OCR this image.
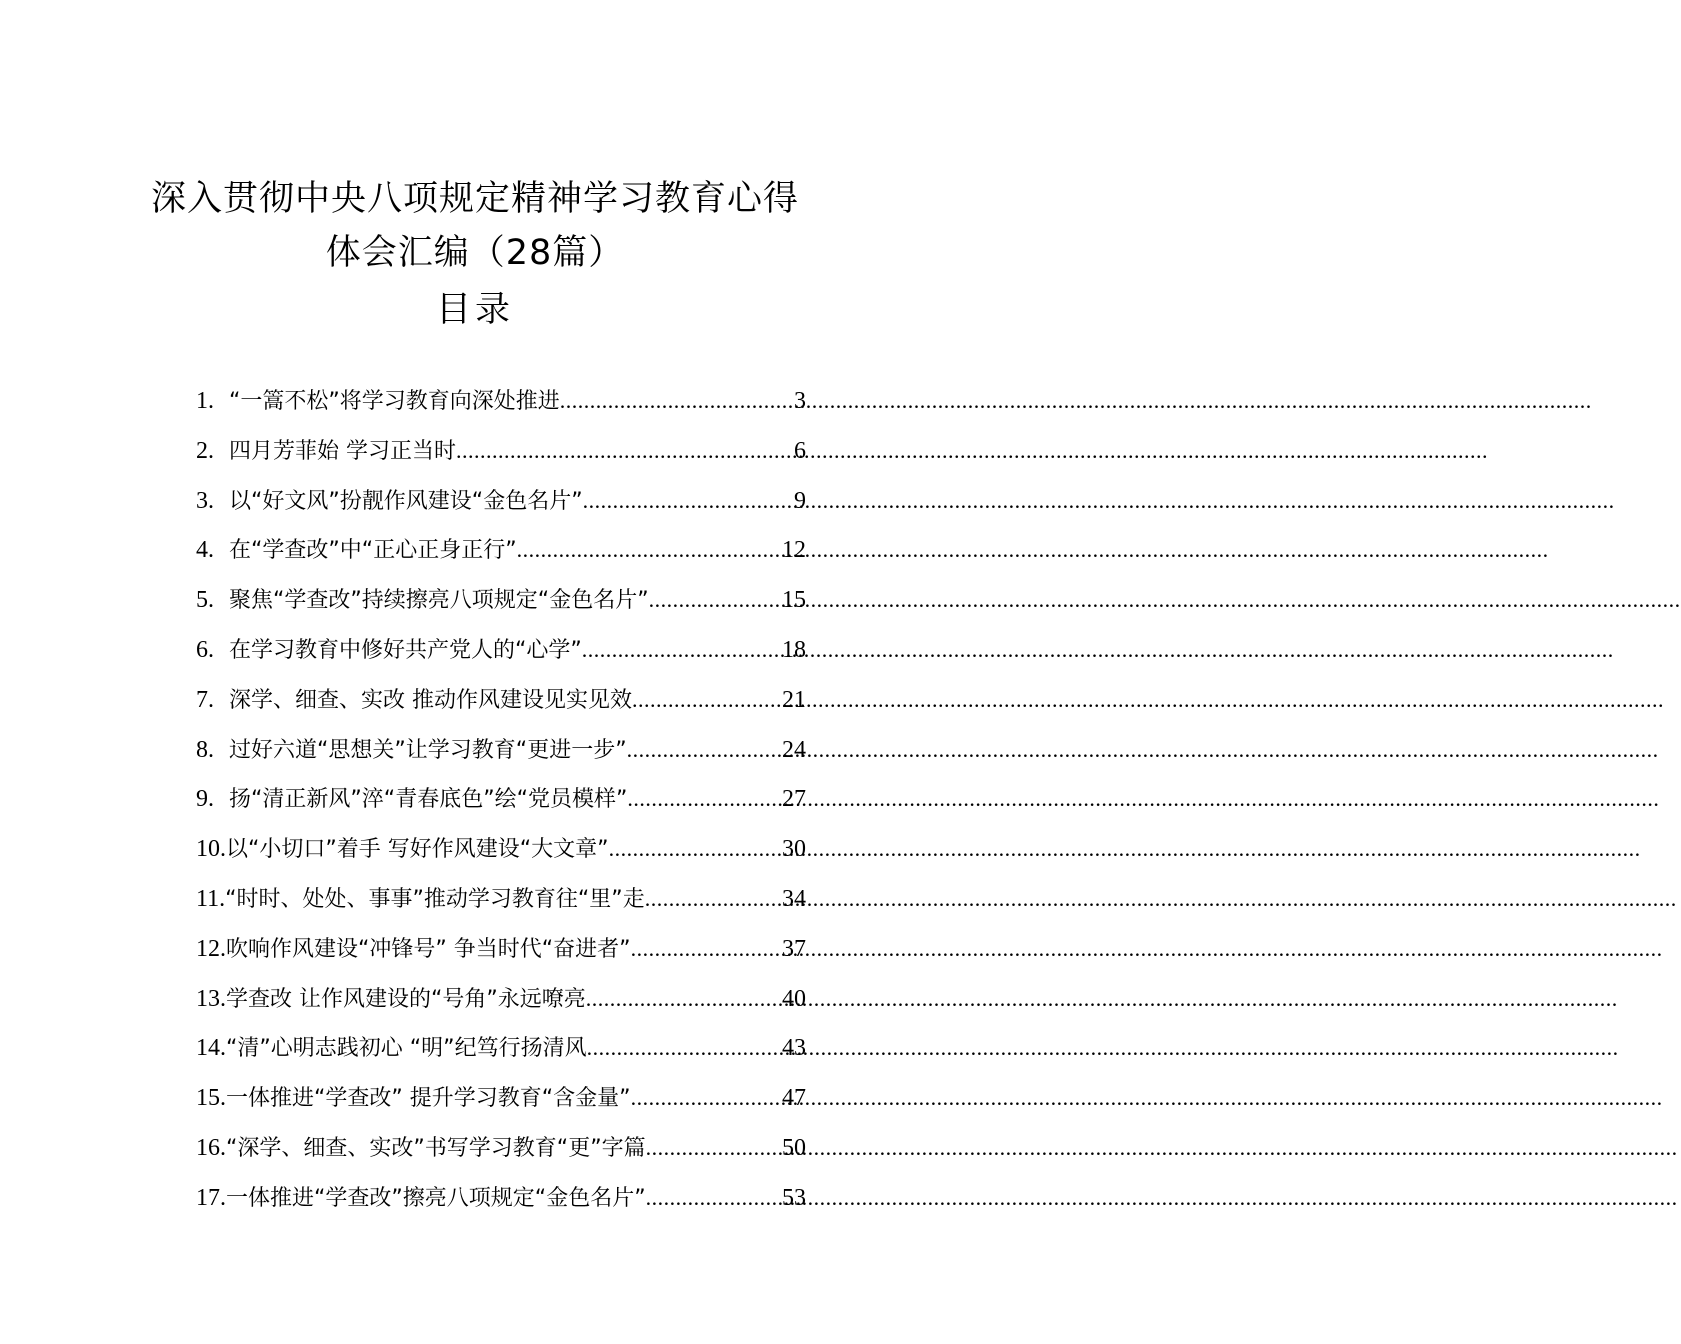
深入贯彻中央八项规定精神学习教育心得
体会汇编（28篇）
目录
1. “一篙不松”将学习教育向深处推进 .....	3
2. 四月芳菲始 学习正当时 .....	6
3. 以“好文风”扮靓作风建设“金色名片” .....	9
4. 在“学查改”中“正心正身正行” .....	12
5. 聚焦“学查改”持续擦亮八项规定“金色名片” .....	15
6. 在学习教育中修好共产党人的“心学” .....	18
7. 深学、细查、实改 推动作风建设见实见效 .....	21
8. 过好六道“思想关”让学习教育“更进一步” .....	24
9. 扬“清正新风”淬“青春底色”绘“党员模样” .....	27
10. 以“小切口”着手 写好作风建设“大文章” .....	30
11. “时时、处处、事事”推动学习教育往“里”走 .....	34
12. 吹响作风建设“冲锋号” 争当时代“奋进者” .....	37
13. 学查改 让作风建设的“号角”永远嘹亮 .....	40
14. “清”心明志践初心 “明”纪笃行扬清风 .....	43
15. 一体推进“学查改” 提升学习教育“含金量” .....	47
16. “深学、细查、实改”书写学习教育“更”字篇 .....	50
17. 一体推进“学查改”擦亮八项规定“金色名片” .....	53
